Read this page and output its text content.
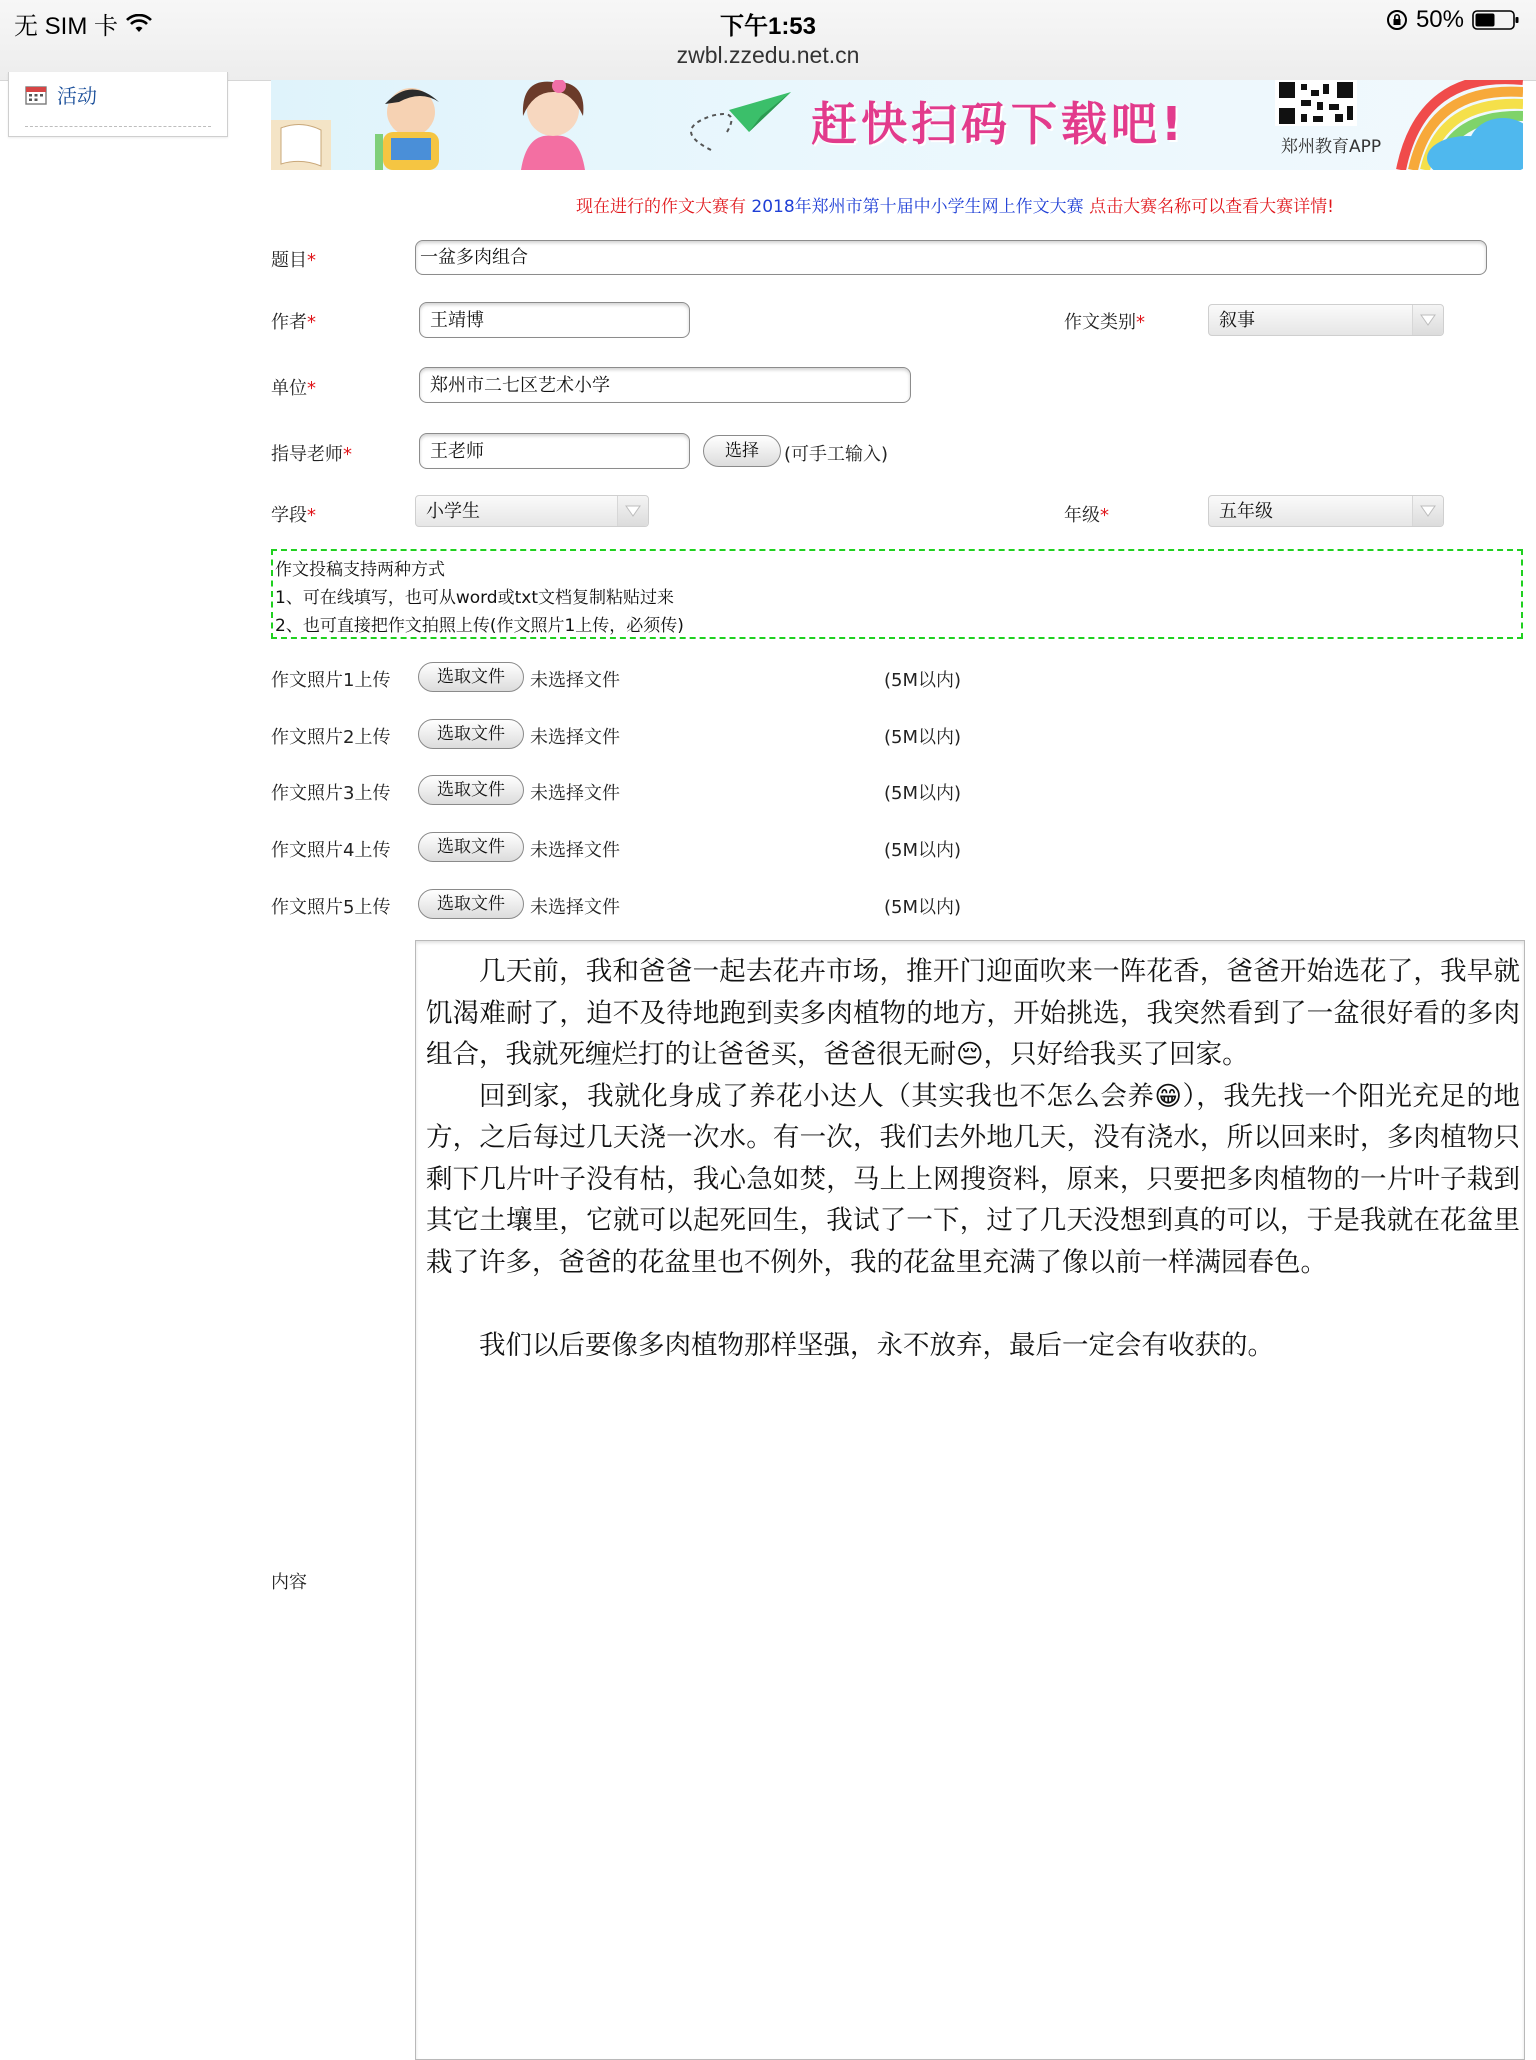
无 SIM 卡	下午1:53
zwbl.zzedu.net.cn
50%
活动
赶快扫码下载吧!	郑州教育APP
现在进行的作文大赛有 2018年郑州市第十届中小学生网上作文大赛 点击大赛名称可以查看大赛详情!
题目*	一盆多肉组合
作者*	王靖博	作文类别*	叙事
单位*	郑州市二七区艺术小学
指导老师*	王老师	选择	(可手工输入)
学段*	小学生	年级*	五年级
作文投稿支持两种方式
1、可在线填写，也可从word或txt文档复制粘贴过来
2、也可直接把作文拍照上传(作文照片1上传，必须传)
作文照片1上传	选取文件	未选择文件	(5M以内)
作文照片2上传	选取文件	未选择文件	(5M以内)
作文照片3上传	选取文件	未选择文件	(5M以内)
作文照片4上传	选取文件	未选择文件	(5M以内)
作文照片5上传	选取文件	未选择文件	(5M以内)
内容

几天前，我和爸爸一起去花卉市场，推开门迎面吹来一阵花香，爸爸开始选花了，我早就饥渴难耐了，迫不及待地跑到卖多肉植物的地方，开始挑选，我突然看到了一盆很好看的多肉组合，我就死缠烂打的让爸爸买，爸爸很无耐😔，只好给我买了回家。

回到家，我就化身成了养花小达人（其实我也不怎么会养😁），我先找一个阳光充足的地方，之后每过几天浇一次水。有一次，我们去外地几天，没有浇水，所以回来时，多肉植物只剩下几片叶子没有枯，我心急如焚，马上上网搜资料，原来，只要把多肉植物的一片叶子栽到其它土壤里，它就可以起死回生，我试了一下，过了几天没想到真的可以，于是我就在花盆里栽了许多，爸爸的花盆里也不例外，我的花盆里充满了像以前一样满园春色。

我们以后要像多肉植物那样坚强，永不放弃，最后一定会有收获的。
